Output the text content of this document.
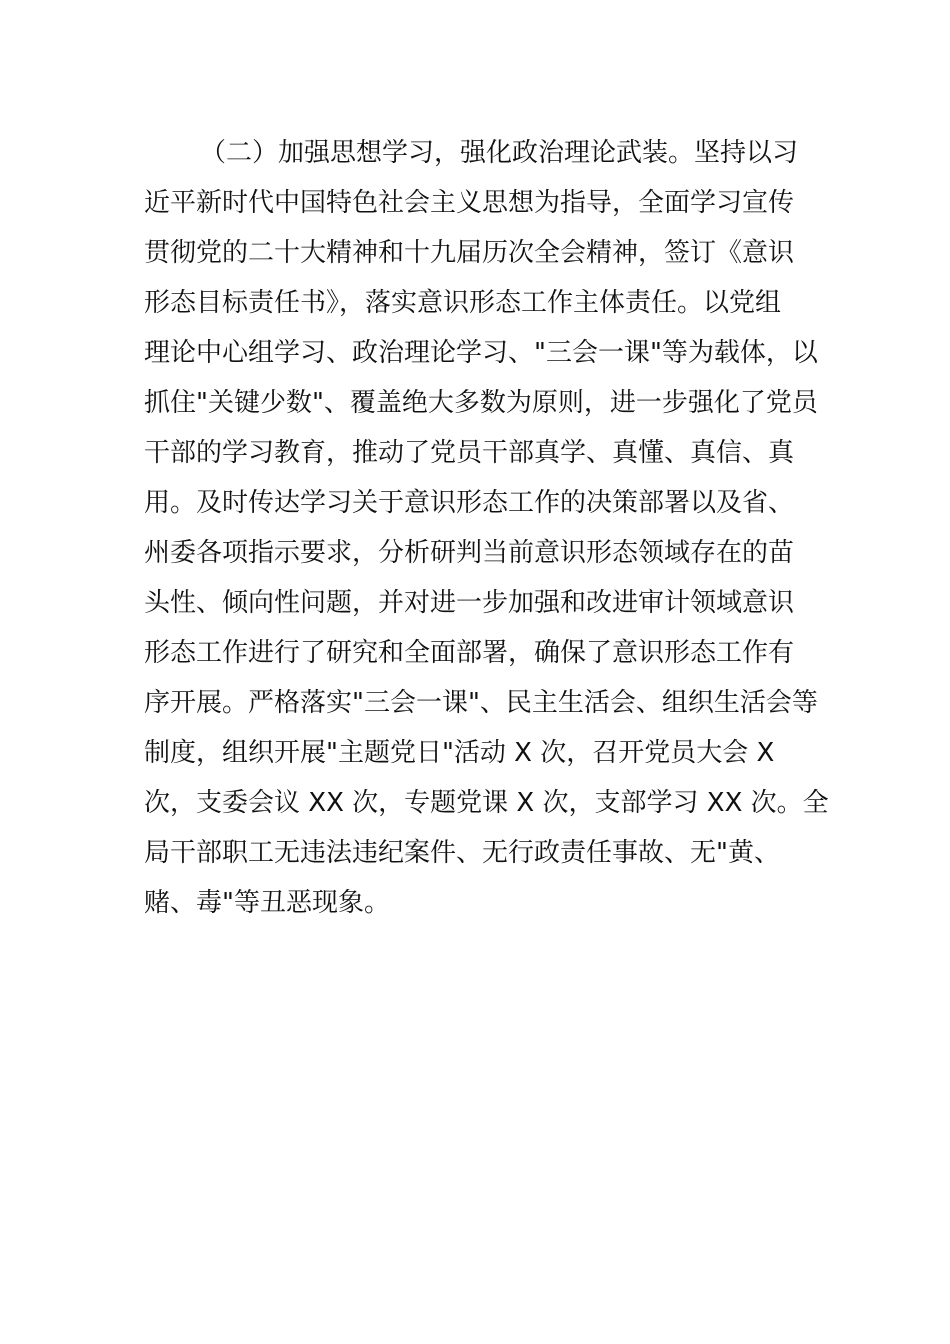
（二）加强思想学习，强化政治理论武装。坚持以习
近平新时代中国特色社会主义思想为指导，全面学习宣传
贯彻党的二十大精神和十九届历次全会精神，签订《意识
形态目标责任书》，落实意识形态工作主体责任。以党组
理论中心组学习、政治理论学习、"三会一课"等为载体，以
抓住"关键少数"、覆盖绝大多数为原则，进一步强化了党员
干部的学习教育，推动了党员干部真学、真懂、真信、真
用。及时传达学习关于意识形态工作的决策部署以及省、
州委各项指示要求，分析研判当前意识形态领域存在的苗
头性、倾向性问题，并对进一步加强和改进审计领域意识
形态工作进行了研究和全面部署，确保了意识形态工作有
序开展。严格落实"三会一课"、民主生活会、组织生活会等
制度，组织开展"主题党日"活动 X 次，召开党员大会 X
次，支委会议 XX 次，专题党课 X 次，支部学习 XX 次。全
局干部职工无违法违纪案件、无行政责任事故、无"黄、
赌、毒"等丑恶现象。
